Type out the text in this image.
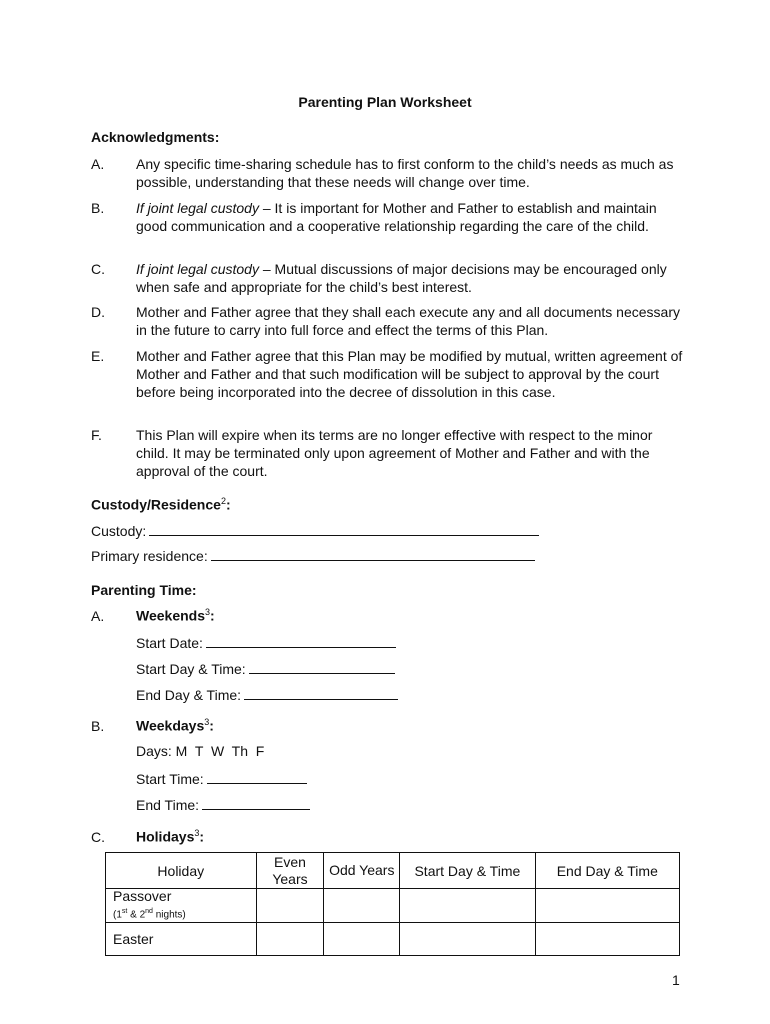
Parenting Plan Worksheet
Acknowledgments:
A.	Any specific time-sharing schedule has to first conform to the child’s needs as much as possible, understanding that these needs will change over time.
B.	If joint legal custody – It is important for Mother and Father to establish and maintain good communication and a cooperative relationship regarding the care of the child.
C.	If joint legal custody – Mutual discussions of major decisions may be encouraged only when safe and appropriate for the child’s best interest.
D.	Mother and Father agree that they shall each execute any and all documents necessary in the future to carry into full force and effect the terms of this Plan.
E.	Mother and Father agree that this Plan may be modified by mutual, written agreement of Mother and Father and that such modification will be subject to approval by the court before being incorporated into the decree of dissolution in this case.
F.	This Plan will expire when its terms are no longer effective with respect to the minor child. It may be terminated only upon agreement of Mother and Father and with the approval of the court.
Custody/Residence$^2$:
Custody:
Primary residence:
Parenting Time:
A. Weekends$^3$:
Start Date:
Start Day & Time:
End Day & Time:
B. Weekdays$^3$:
Days: M  T  W  Th  F
Start Time:
End Time:
C. Holidays$^3$:
Holiday	Even Years	Odd Years	Start Day & Time	End Day & Time

Passover
(1st & 2nd nights)				

Easter				
1
